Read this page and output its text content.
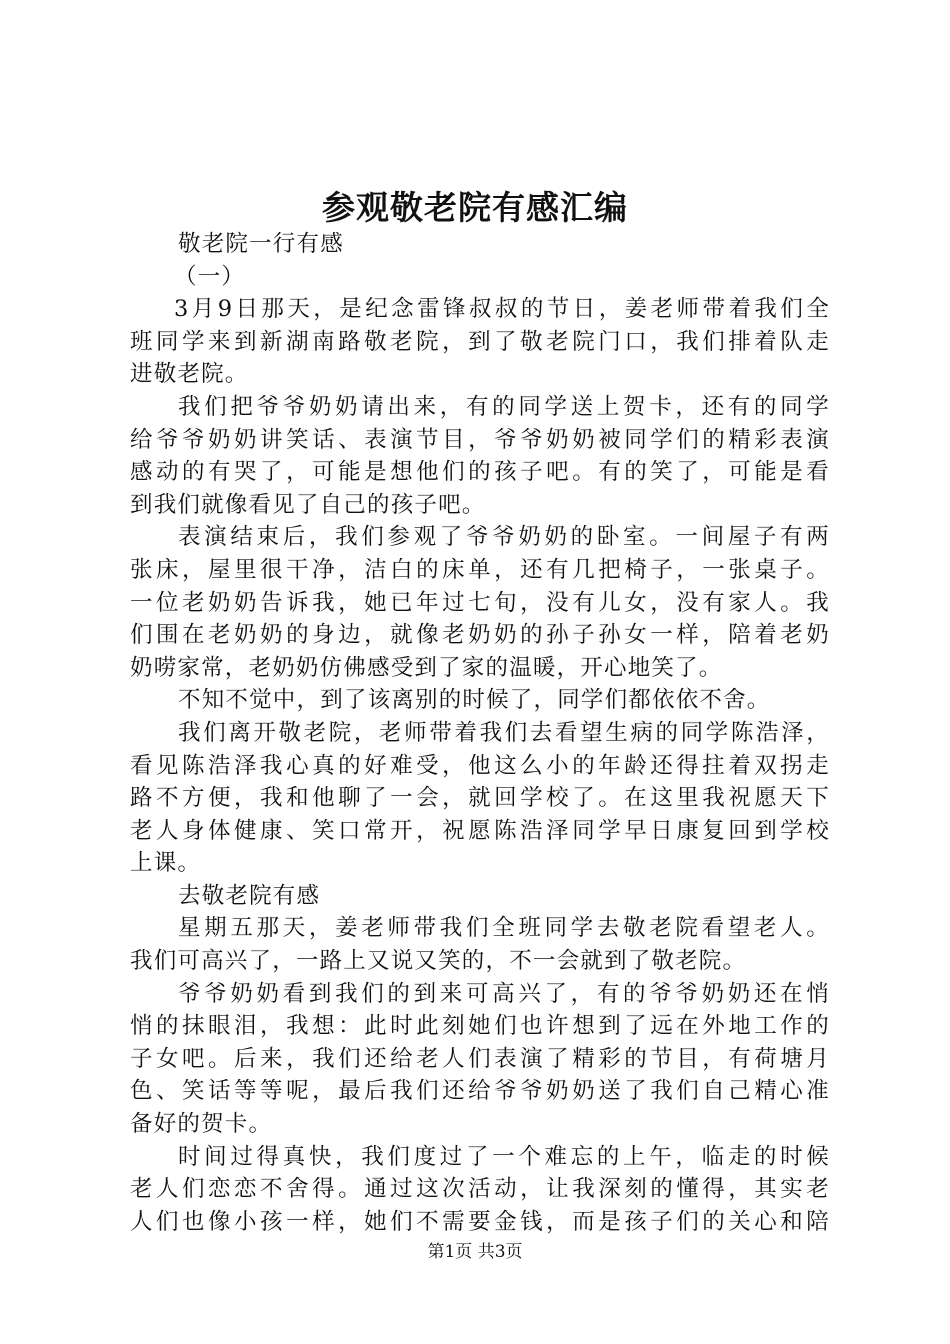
参观敬老院有感汇编
敬老院一行有感
（一）
3月9日那天，是纪念雷锋叔叔的节日，姜老师带着我们全
班同学来到新湖南路敬老院，到了敬老院门口，我们排着队走
进敬老院。
我们把爷爷奶奶请出来，有的同学送上贺卡，还有的同学
给爷爷奶奶讲笑话、表演节目，爷爷奶奶被同学们的精彩表演
感动的有哭了，可能是想他们的孩子吧。有的笑了，可能是看
到我们就像看见了自己的孩子吧。
表演结束后，我们参观了爷爷奶奶的卧室。一间屋子有两
张床，屋里很干净，洁白的床单，还有几把椅子，一张桌子。
一位老奶奶告诉我，她已年过七旬，没有儿女，没有家人。我
们围在老奶奶的身边，就像老奶奶的孙子孙女一样，陪着老奶
奶唠家常，老奶奶仿佛感受到了家的温暖，开心地笑了。
不知不觉中，到了该离别的时候了，同学们都依依不舍。
我们离开敬老院，老师带着我们去看望生病的同学陈浩泽，
看见陈浩泽我心真的好难受，他这么小的年龄还得拄着双拐走
路不方便，我和他聊了一会，就回学校了。在这里我祝愿天下
老人身体健康、笑口常开，祝愿陈浩泽同学早日康复回到学校
上课。
去敬老院有感
星期五那天，姜老师带我们全班同学去敬老院看望老人。
我们可高兴了，一路上又说又笑的，不一会就到了敬老院。
爷爷奶奶看到我们的到来可高兴了，有的爷爷奶奶还在悄
悄的抹眼泪，我想：此时此刻她们也许想到了远在外地工作的
子女吧。后来，我们还给老人们表演了精彩的节目，有荷塘月
色、笑话等等呢，最后我们还给爷爷奶奶送了我们自己精心准
备好的贺卡。
时间过得真快，我们度过了一个难忘的上午，临走的时候
老人们恋恋不舍得。通过这次活动，让我深刻的懂得，其实老
人们也像小孩一样，她们不需要金钱，而是孩子们的关心和陪
第1页 共3页
